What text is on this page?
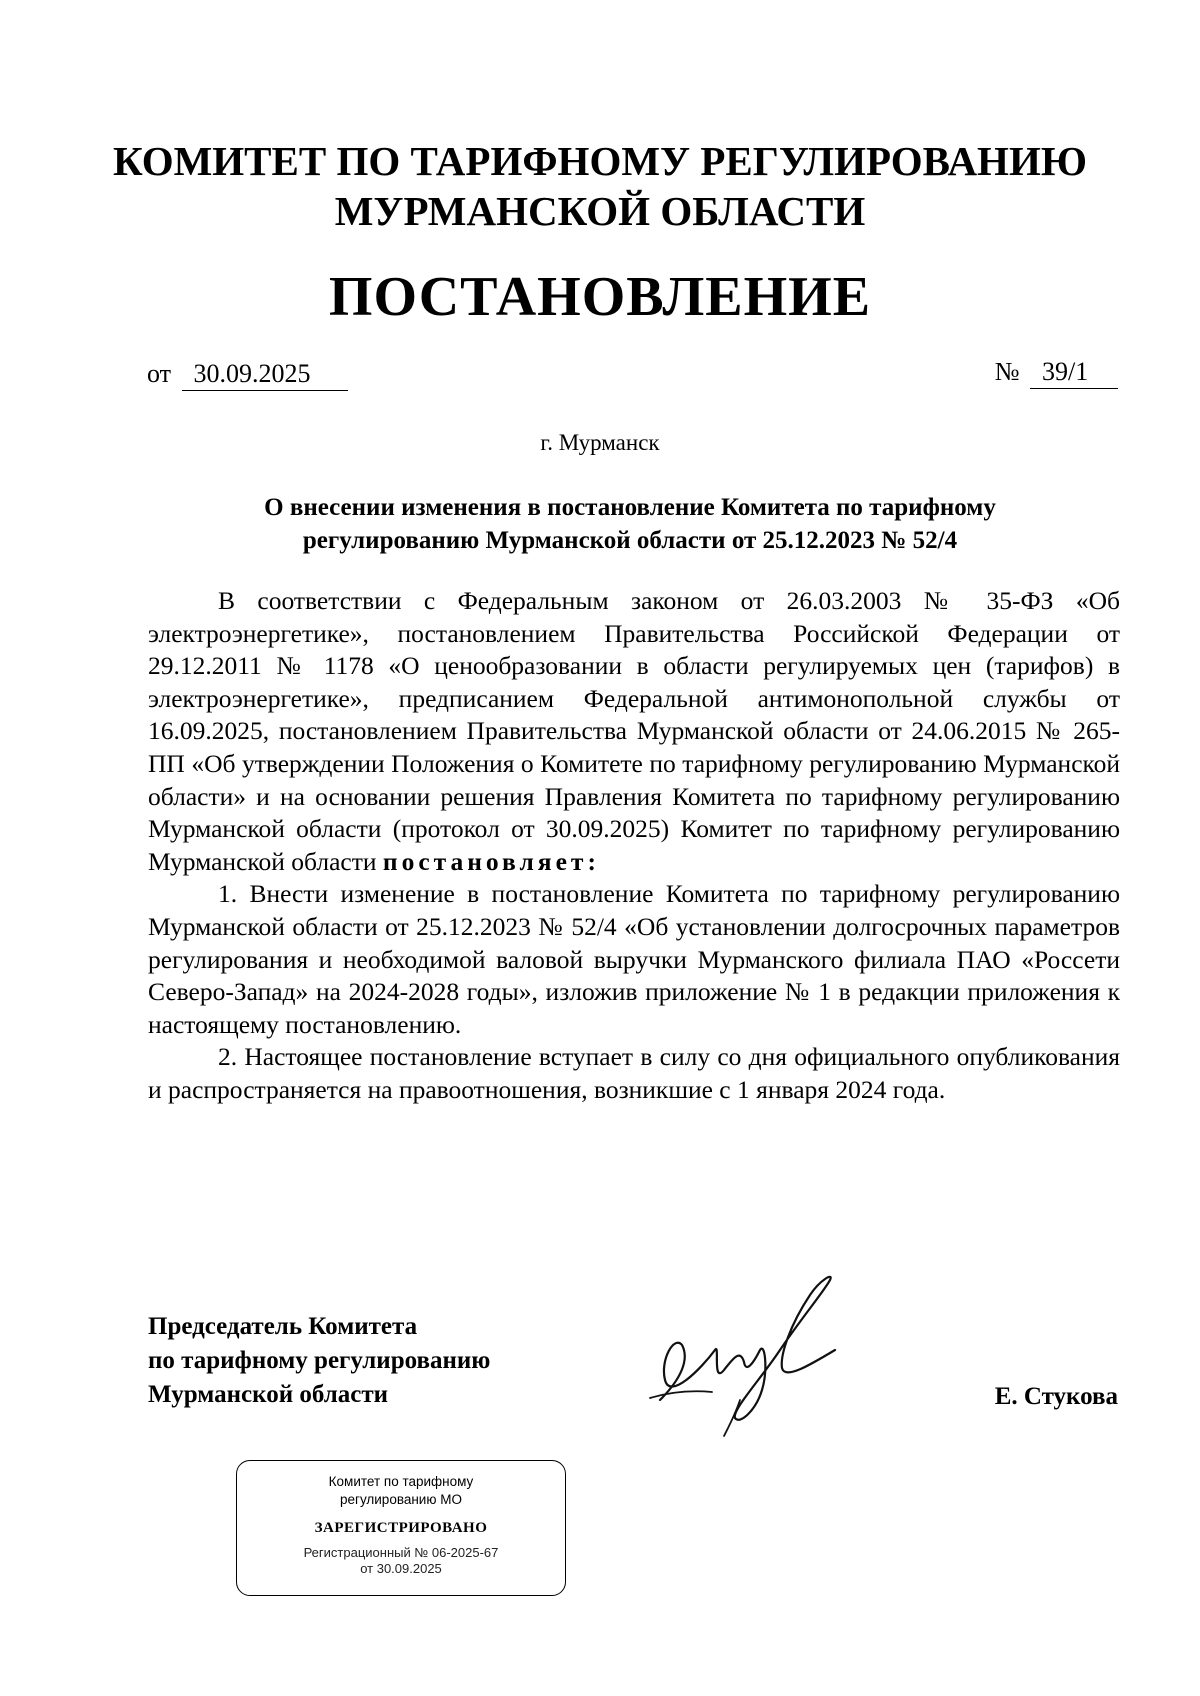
КОМИТЕТ ПО ТАРИФНОМУ РЕГУЛИРОВАНИЮ
МУРМАНСКОЙ ОБЛАСТИ
ПОСТАНОВЛЕНИЕ
от 30.09.2025	№ 39/1
г. Мурманск
О внесении изменения в постановление Комитета по тарифному
регулированию Мурманской области от 25.12.2023 № 52/4

В соответствии с Федеральным законом от 26.03.2003 № 35-ФЗ «Об электроэнергетике», постановлением Правительства Российской Федерации от 29.12.2011 № 1178 «О ценообразовании в области регулируемых цен (тарифов) в электроэнергетике», предписанием Федеральной антимонопольной службы от 16.09.2025, постановлением Правительства Мурманской области от 24.06.2015 № 265-ПП «Об утверждении Положения о Комитете по тарифному регулированию Мурманской области» и на основании решения Правления Комитета по тарифному регулированию Мурманской области (протокол от 30.09.2025) Комитет по тарифному регулированию Мурманской области постановляет:

1. Внести изменение в постановление Комитета по тарифному регулированию Мурманской области от 25.12.2023 № 52/4 «Об установлении долгосрочных параметров регулирования и необходимой валовой выручки Мурманского филиала ПАО «Россети Северо-Запад» на 2024-2028 годы», изложив приложение № 1 в редакции приложения к настоящему постановлению.

2. Настоящее постановление вступает в силу со дня официального опубликования и распространяется на правоотношения, возникшие с 1 января 2024 года.

Председатель Комитета
по тарифному регулированию
Мурманской области	Е. Стукова
Комитет по тарифному
регулированию МО
ЗАРЕГИСТРИРОВАНО
Регистрационный № 06-2025-67
от 30.09.2025
